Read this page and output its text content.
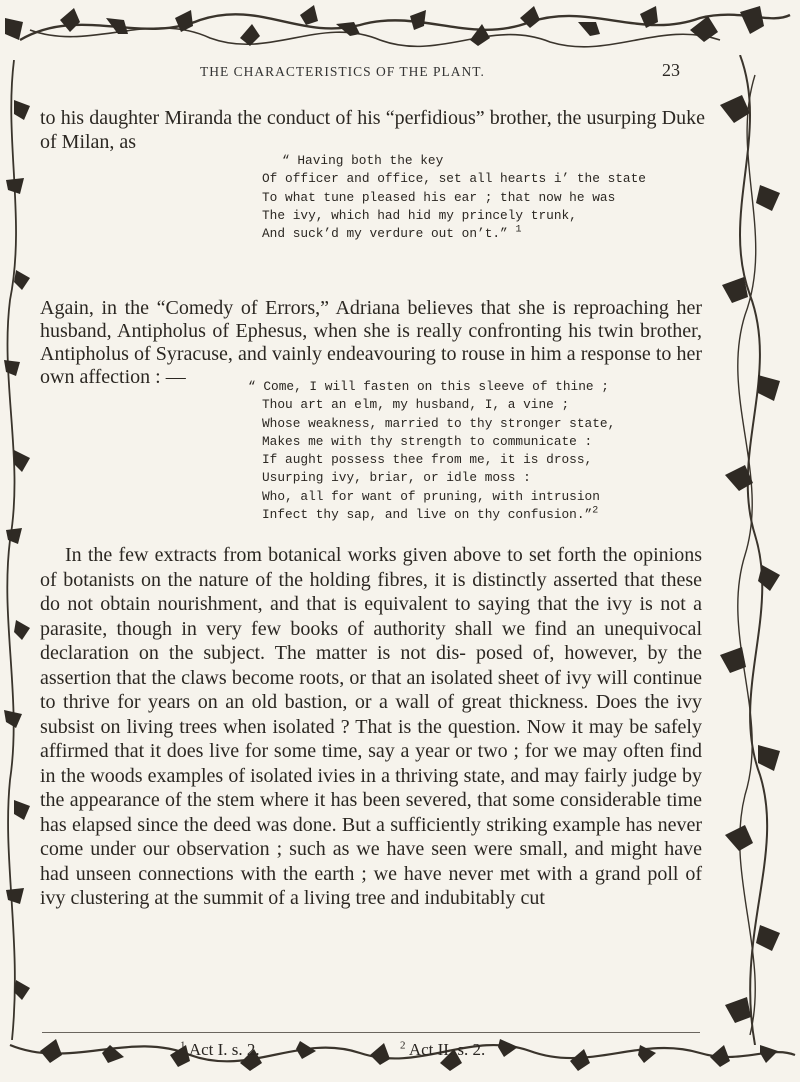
THE CHARACTERISTICS OF THE PLANT.	23
to his daughter Miranda the conduct of his “perfidious” brother, the usurping Duke of Milan, as
“ Having both the key
Of officer and office, set all hearts i’ the state
To what tune pleased his ear ; that now he was
The ivy, which had hid my princely trunk,
And suck’d my verdure out on’t.” $^1$
Again, in the “Comedy of Errors,” Adriana believes that she is reproaching her husband, Antipholus of Ephesus, when she is really confronting his twin brother, Antipholus of Syracuse, and vainly endeavouring to rouse in him a response to her own affection : —	“ Come, I will fasten on this sleeve of thine ;
Thou art an elm, my husband, I, a vine ;
Whose weakness, married to thy stronger state,
Makes me with thy strength to communicate :
If aught possess thee from me, it is dross,
Usurping ivy, briar, or idle moss :
Who, all for want of pruning, with intrusion
Infect thy sap, and live on thy confusion.”$^2$
In the few extracts from botanical works given above to set forth the opinions of botanists on the nature of the holding fibres, it is distinctly asserted that these do not obtain nourishment, and that is equivalent to saying that the ivy is not a parasite, though in very few books of authority shall we find an unequivocal declaration on the subject. The matter is not dis- posed of, however, by the assertion that the claws become roots, or that an isolated sheet of ivy will continue to thrive for years on an old bastion, or a wall of great thickness. Does the ivy subsist on living trees when isolated ? That is the question. Now it may be safely affirmed that it does live for some time, say a year or two ; for we may often find in the woods examples of isolated ivies in a thriving state, and may fairly judge by the appearance of the stem where it has been severed, that some considerable time has elapsed since the deed was done. But a sufficiently striking example has never come under our observation ; such as we have seen were small, and might have had unseen connections with the earth ; we have never met with a grand poll of ivy clustering at the summit of a living tree and indubitably cut
$^1$ Act I. s. 2.	$^2$ Act II. s. 2.
